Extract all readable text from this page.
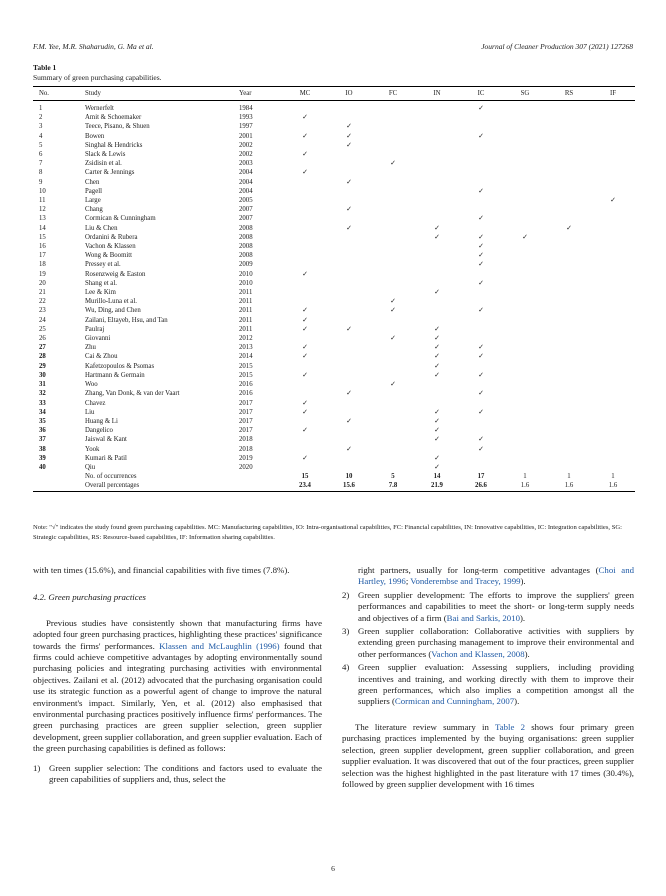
F.M. Yee, M.R. Shaharudin, G. Ma et al.	Journal of Cleaner Production 307 (2021) 127268
Table 1
Summary of green purchasing capabilities.
No.	Study	Year	MC	IO	FC	IN	IC	SG	RS	IF
1	Wernerfelt	1984					✓			
2	Amit & Schoemaker	1993	✓							
3	Teece, Pisano, & Shuen	1997		✓						
4	Bowen	2001	✓	✓			✓			
5	Singhal & Hendricks	2002		✓						
6	Slack & Lewis	2002	✓							
7	Zsidisin et al.	2003			✓					
8	Carter & Jennings	2004	✓							
9	Chen	2004		✓						
10	Pagell	2004					✓			
11	Large	2005								✓
12	Chang	2007		✓						
13	Cormican & Cunningham	2007					✓			
14	Liu & Chen	2008		✓		✓			✓	
15	Ordanini & Rubera	2008				✓	✓	✓		
16	Vachon & Klassen	2008					✓			
17	Wong & Boomitt	2008					✓			
18	Pressey et al.	2009					✓			
19	Rosenzweig & Easton	2010	✓							
20	Shang et al.	2010					✓			
21	Lee & Kim	2011				✓				
22	Murillo-Luna et al.	2011			✓					
23	Wu, Ding, and Chen	2011	✓		✓		✓			
24	Zailani, Eltayeb, Hsu, and Tan	2011	✓							
25	Paulraj	2011	✓	✓		✓				
26	Giovanni	2012			✓	✓				
27	Zhu	2013	✓			✓	✓			
28	Cai & Zhou	2014	✓			✓	✓			
29	Kafetzopoulos & Psomas	2015				✓				
30	Hartmann & Germain	2015	✓			✓	✓			
31	Woo	2016			✓					
32	Zhang, Van Donk, & van der Vaart	2016		✓			✓			
33	Chavez	2017	✓							
34	Liu	2017	✓			✓	✓			
35	Huang & Li	2017		✓		✓				
36	Dangelico	2017	✓			✓				
37	Jaiswal & Kant	2018				✓	✓			
38	Yook	2018		✓			✓			
39	Kumari & Patil	2019	✓			✓				
40	Qiu	2020				✓				
	No. of occurrences		15	10	5	14	17	1	1	1
	Overall percentages		23.4	15.6	7.8	21.9	26.6	1.6	1.6	1.6
Note: "√" indicates the study found green purchasing capabilities. MC: Manufacturing capabilities, IO: Intra-organisational capabilities, FC: Financial capabilities, IN: Innovative capabilities, IC: Integration capabilities, SG: Strategic capabilities, RS: Resource-based capabilities, IF: Information sharing capabilities.

with ten times (15.6%), and financial capabilities with five times (7.8%).

4.2. Green purchasing practices

Previous studies have consistently shown that manufacturing firms have adopted four green purchasing practices, highlighting these practices' significance towards the firms' performances. Klassen and McLaughlin (1996) found that firms could achieve competitive advantages by adopting environmentally sound purchasing policies and integrating purchasing activities with environmental objectives. Zailani et al. (2012) advocated that the purchasing organisation could use its strategic function as a powerful agent of change to improve the natural environment's impact. Similarly, Yen, et al. (2012) also emphasised that environmental purchasing practices positively influence firms' performances. The green purchasing practices are green supplier selection, green supplier development, green supplier collaboration, and green supplier evaluation. Each of the green purchasing capabilities is defined as follows:

1) Green supplier selection: The conditions and factors used to evaluate the green capabilities of suppliers and, thus, select the

right partners, usually for long-term competitive advantages (Choi and Hartley, 1996; Vonderembse and Tracey, 1999).

2) Green supplier development: The efforts to improve the suppliers' green performances and capabilities to meet the short- or long-term supply needs and objectives of a firm (Bai and Sarkis, 2010).

3) Green supplier collaboration: Collaborative activities with suppliers by extending green purchasing management to improve their environmental and other performances (Vachon and Klassen, 2008).

4) Green supplier evaluation: Assessing suppliers, including providing incentives and training, and working directly with them to improve their green performances, which also implies a competition amongst all the suppliers (Cormican and Cunningham, 2007).

The literature review summary in Table 2 shows four primary green purchasing practices implemented by the buying organisations: green supplier selection, green supplier development, green supplier collaboration, and green supplier evaluation. It was discovered that out of the four practices, green supplier selection was the highest highlighted in the past literature with 17 times (30.4%), followed by green supplier development with 16 times

6
